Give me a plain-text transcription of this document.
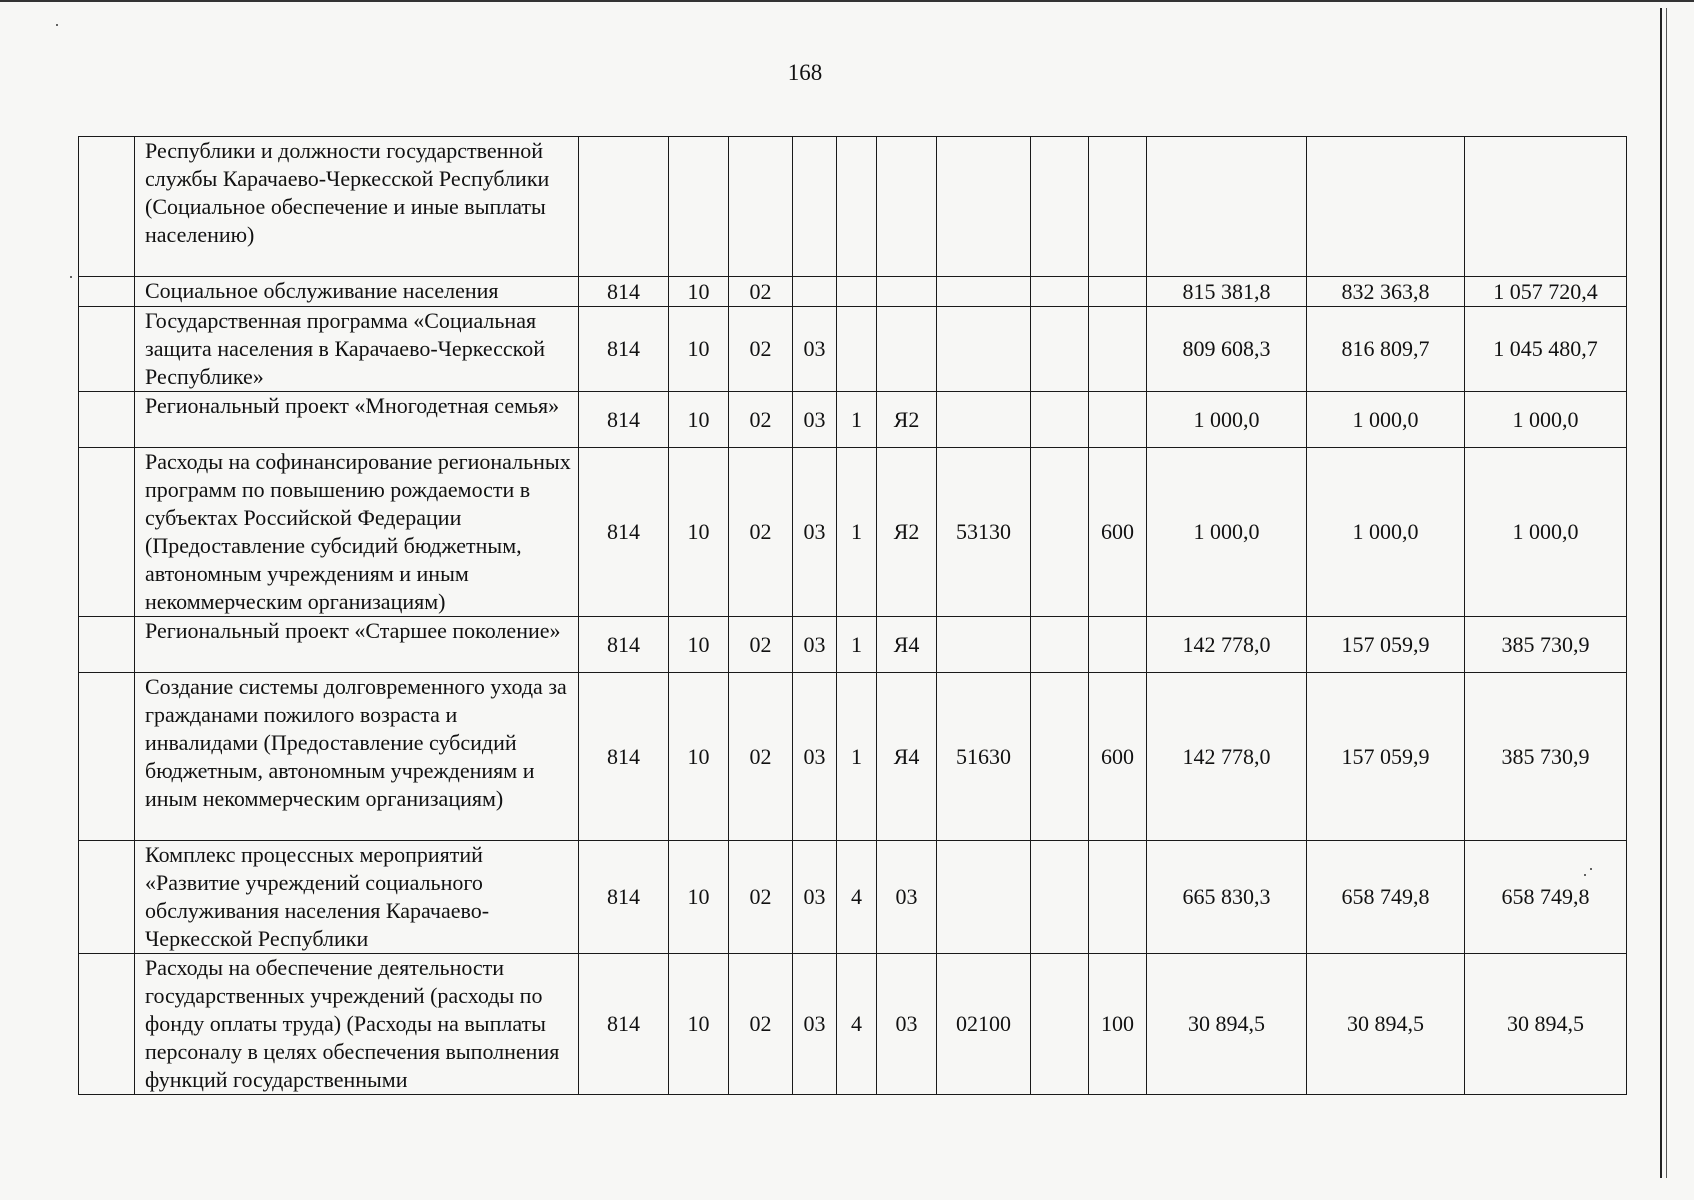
168
	Республики и должности государственной службы Карачаево-Черкесской Республики (Социальное обеспечение и иные выплаты населению)												
	Социальное обслуживание населения	814	10	02							815 381,8	832 363,8	1 057 720,4
	Государственная программа «Социальная защита населения в Карачаево-Черкесской Республике»	814	10	02	03						809 608,3	816 809,7	1 045 480,7
	Региональный проект «Многодетная семья»	814	10	02	03	1	Я2				1 000,0	1 000,0	1 000,0
	Расходы на софинансирование региональных программ по повышению рождаемости в субъектах Российской Федерации (Предоставление субсидий бюджетным, автономным учреждениям и иным некоммерческим организациям)	814	10	02	03	1	Я2	53130		600	1 000,0	1 000,0	1 000,0
	Региональный проект «Старшее поколение»	814	10	02	03	1	Я4				142 778,0	157 059,9	385 730,9
	Создание системы долговременного ухода за гражданами пожилого возраста и инвалидами (Предоставление субсидий бюджетным, автономным учреждениям и иным некоммерческим организациям)	814	10	02	03	1	Я4	51630		600	142 778,0	157 059,9	385 730,9
	Комплекс процессных мероприятий «Развитие учреждений социального обслуживания населения Карачаево-Черкесской Республики	814	10	02	03	4	03				665 830,3	658 749,8	658 749,8
	Расходы на обеспечение деятельности государственных учреждений (расходы по фонду оплаты труда) (Расходы на выплаты персоналу в целях обеспечения выполнения функций государственными	814	10	02	03	4	03	02100		100	30 894,5	30 894,5	30 894,5
